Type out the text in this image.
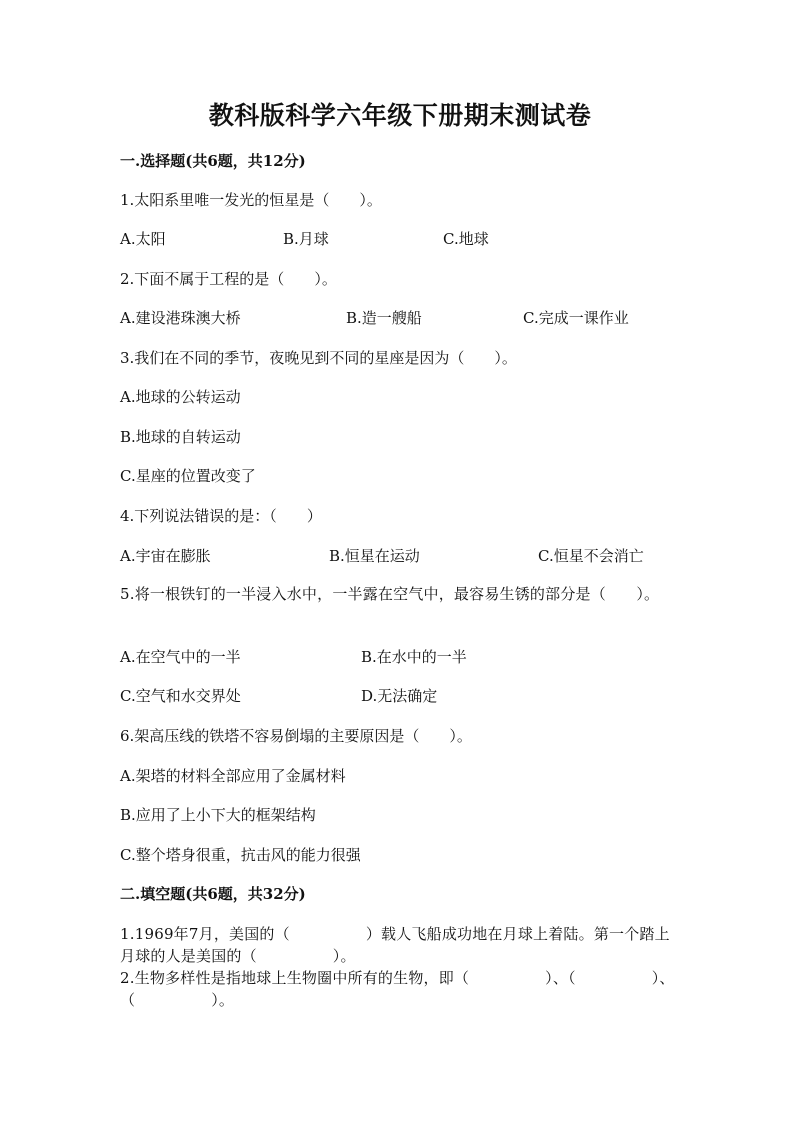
教科版科学六年级下册期末测试卷
一.选择题(共6题，共12分)
1.太阳系里唯一发光的恒星是（　　）。
A.太阳	B.月球	C.地球
2.下面不属于工程的是（　　）。
A.建设港珠澳大桥	B.造一艘船	C.完成一课作业
3.我们在不同的季节，夜晚见到不同的星座是因为（　　）。
A.地球的公转运动
B.地球的自转运动
C.星座的位置改变了
4.下列说法错误的是：（　　）
A.宇宙在膨胀	B.恒星在运动	C.恒星不会消亡
5.将一根铁钉的一半浸入水中，一半露在空气中，最容易生锈的部分是（　　）。
A.在空气中的一半	B.在水中的一半
C.空气和水交界处	D.无法确定
6.架高压线的铁塔不容易倒塌的主要原因是（　　）。
A.架塔的材料全部应用了金属材料
B.应用了上小下大的框架结构
C.整个塔身很重，抗击风的能力很强
二.填空题(共6题，共32分)
1.1969年7月，美国的（　　　　　）载人飞船成功地在月球上着陆。第一个踏上月球的人是美国的（　　　　　）。
2.生物多样性是指地球上生物圈中所有的生物，即（　　　　　）、（　　　　　）、（　　　　　）。
